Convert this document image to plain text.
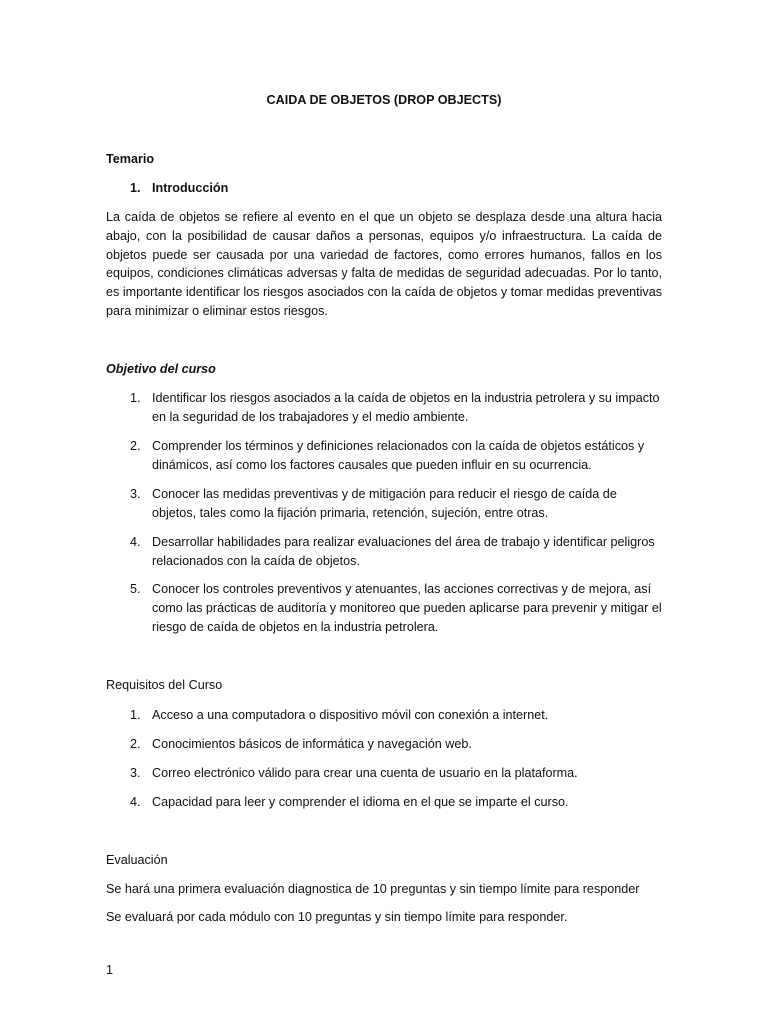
CAIDA DE OBJETOS (DROP OBJECTS)
Temario
1. Introducción
La caída de objetos se refiere al evento en el que un objeto se desplaza desde una altura hacia abajo, con la posibilidad de causar daños a personas, equipos y/o infraestructura. La caída de objetos puede ser causada por una variedad de factores, como errores humanos, fallos en los equipos, condiciones climáticas adversas y falta de medidas de seguridad adecuadas. Por lo tanto, es importante identificar los riesgos asociados con la caída de objetos y tomar medidas preventivas para minimizar o eliminar estos riesgos.
Objetivo del curso
1. Identificar los riesgos asociados a la caída de objetos en la industria petrolera y su impacto en la seguridad de los trabajadores y el medio ambiente.
2. Comprender los términos y definiciones relacionados con la caída de objetos estáticos y dinámicos, así como los factores causales que pueden influir en su ocurrencia.
3. Conocer las medidas preventivas y de mitigación para reducir el riesgo de caída de objetos, tales como la fijación primaria, retención, sujeción, entre otras.
4. Desarrollar habilidades para realizar evaluaciones del área de trabajo y identificar peligros relacionados con la caída de objetos.
5. Conocer los controles preventivos y atenuantes, las acciones correctivas y de mejora, así como las prácticas de auditoría y monitoreo que pueden aplicarse para prevenir y mitigar el riesgo de caída de objetos en la industria petrolera.
Requisitos del Curso
1. Acceso a una computadora o dispositivo móvil con conexión a internet.
2. Conocimientos básicos de informática y navegación web.
3. Correo electrónico válido para crear una cuenta de usuario en la plataforma.
4. Capacidad para leer y comprender el idioma en el que se imparte el curso.
Evaluación
Se hará una primera evaluación diagnostica de 10 preguntas y sin tiempo límite para responder
Se evaluará por cada módulo con 10 preguntas y sin tiempo límite para responder.
1
